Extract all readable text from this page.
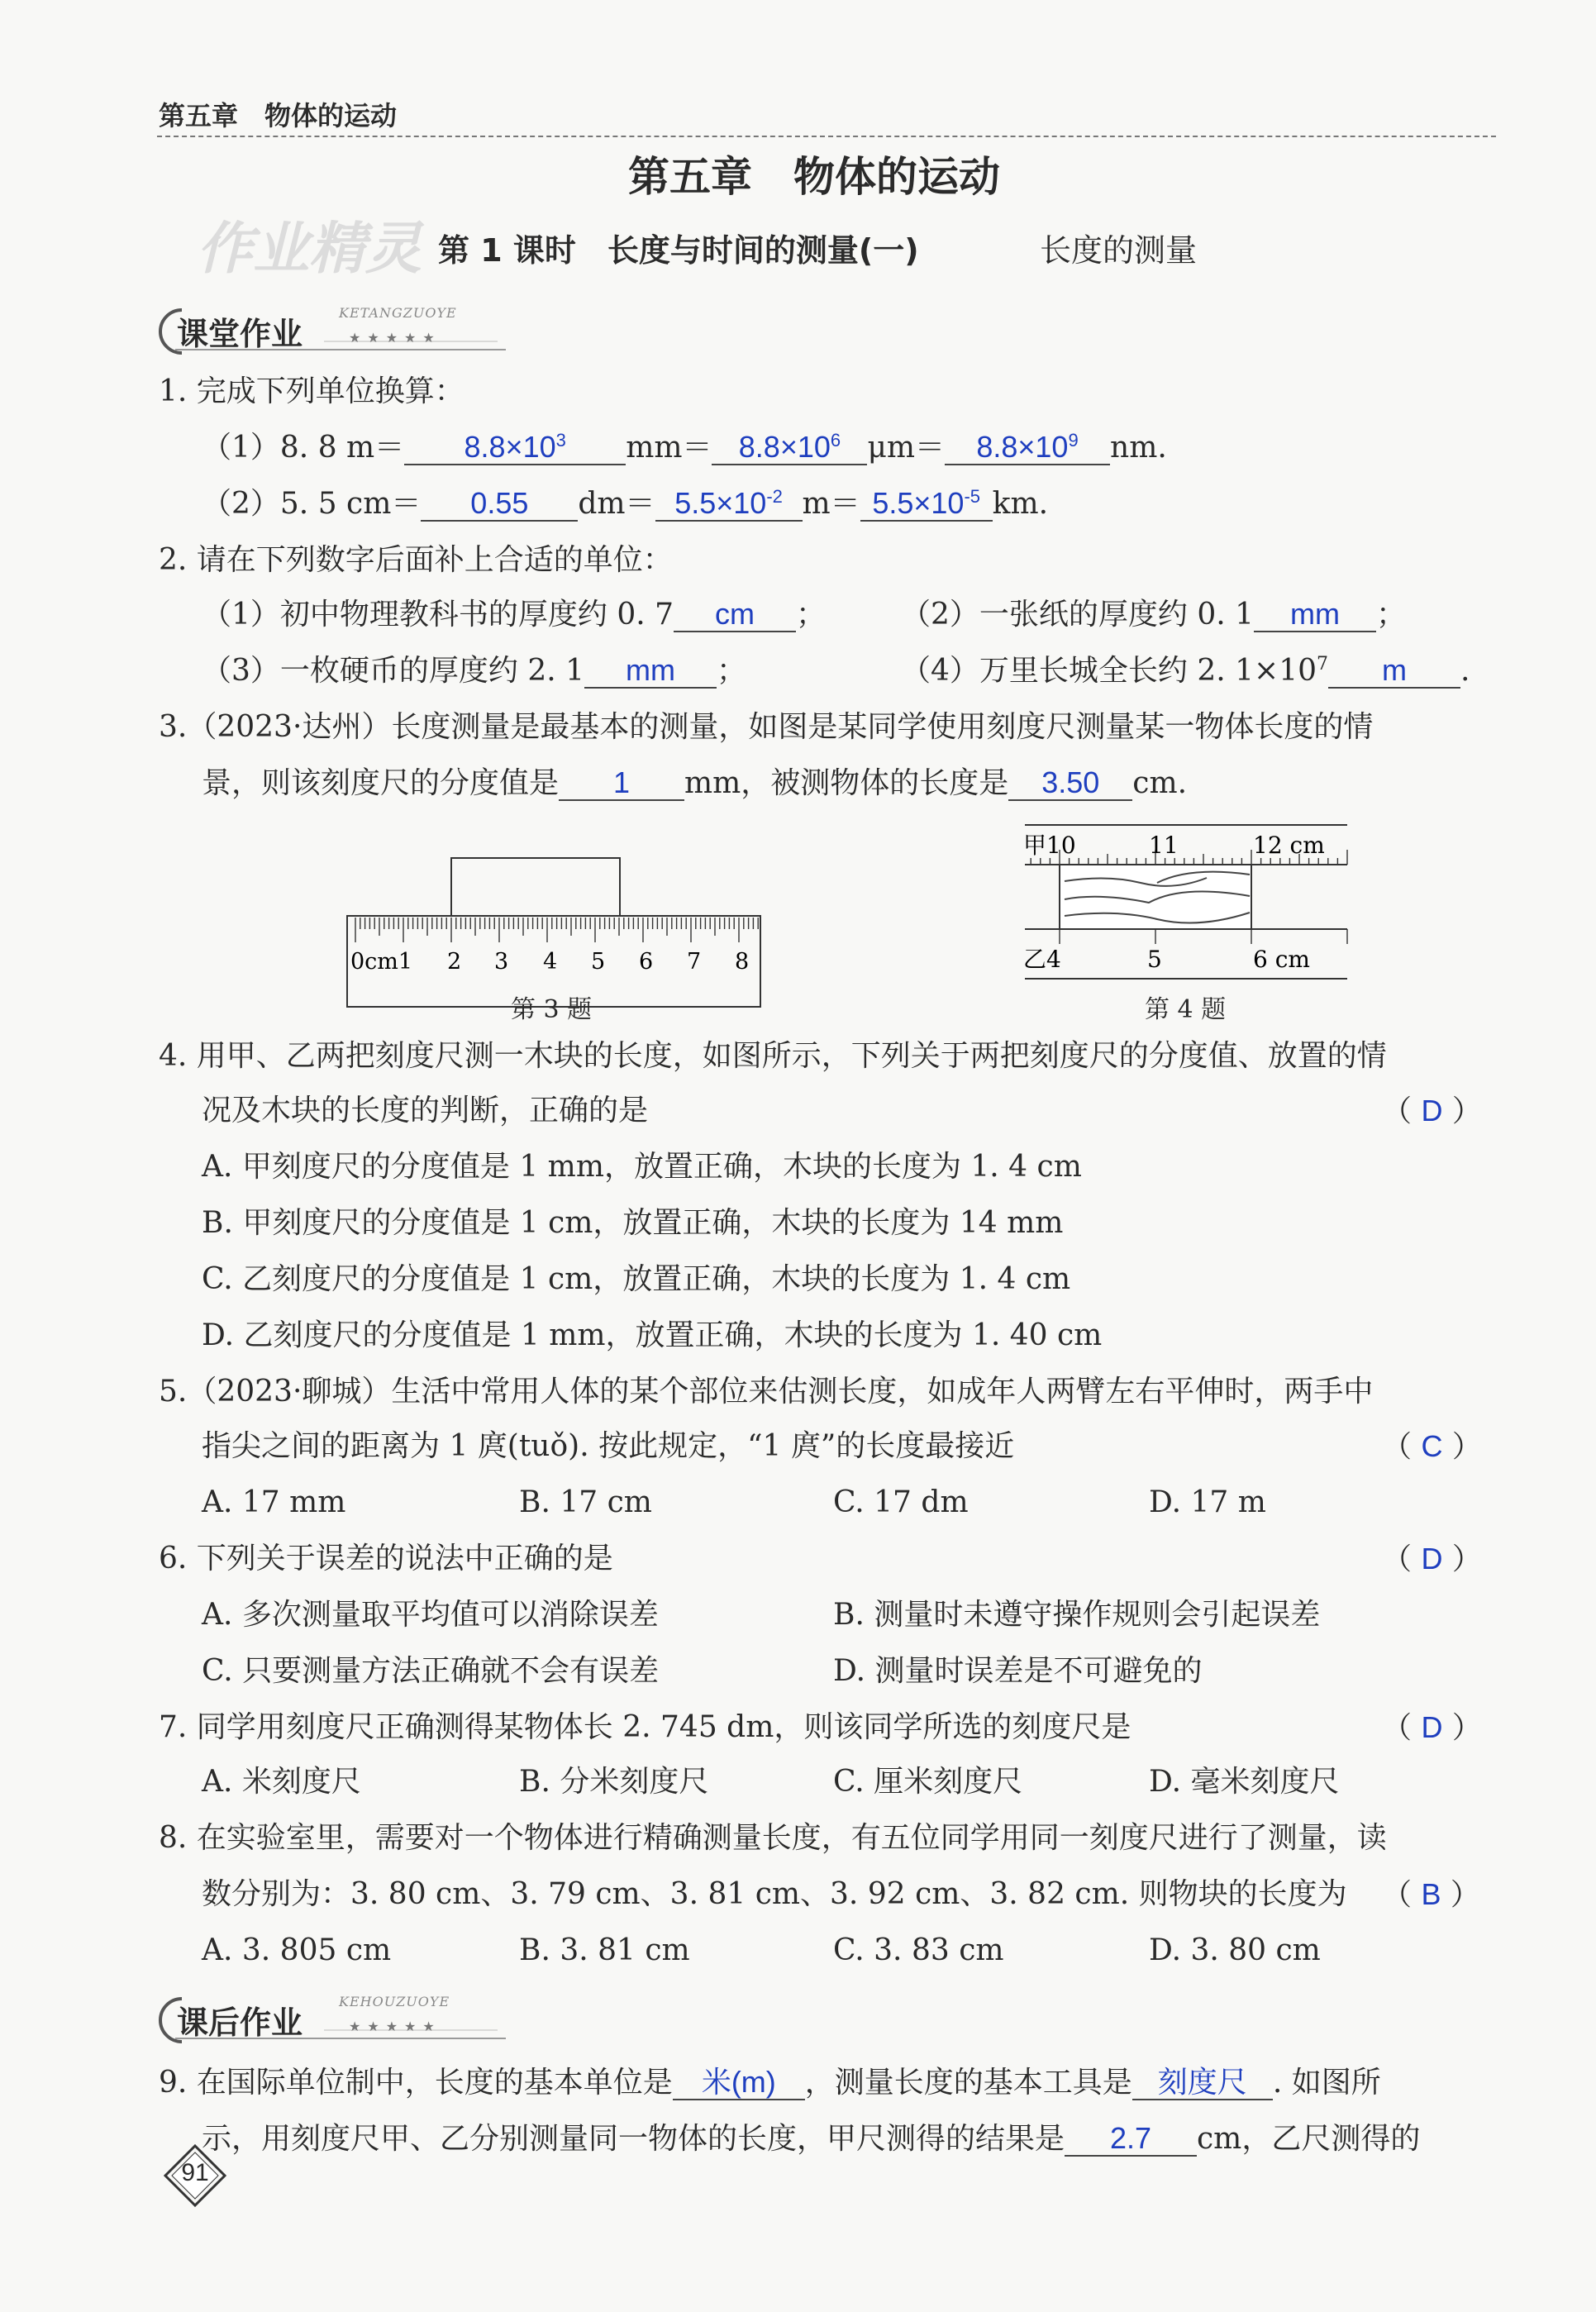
第五章　物体的运动
第五章　物体的运动
作业精灵 第 1 课时　长度与时间的测量(一)	长度的测量
课堂作业
KETANGZUOYE
★★★★★
1. 完成下列单位换算：
（1）8. 8 $m= 8.8\times 10^3$ $mm= 8.8\times 10^6$ $\mu m= 8.8\times 10^9$ nm.
（2）5. 5 cm＝ 0.55 $dm= 5.5\times 10^{-2}$ $m= 5.5\times 10^{-5}$ km.
2. 请在下列数字后面补上合适的单位：
（1）初中物理教科书的厚度约 0. 7 cm ；	（2）一张纸的厚度约 0. 1 mm ；
（3）一枚硬币的厚度约 2. 1 mm ；	（4）万里长城全长约 2. $1\times 10^7$ m .
3.（2023·达州）长度测量是最基本的测量，如图是某同学使用刻度尺测量某一物体长度的情
景，则该刻度尺的分度值是 1 mm，被测物体的长度是 3.50 cm.
0cm1 2 3 4 5 6 7 8
第 3 题
甲10	11	12 cm
乙4	5	6 cm
第 4 题
4. 用甲、乙两把刻度尺测一木块的长度，如图所示，下列关于两把刻度尺的分度值、放置的情
况及木块的长度的判断，正确的是	（ D ）
A. 甲刻度尺的分度值是 1 mm，放置正确，木块的长度为 1. 4 cm
B. 甲刻度尺的分度值是 1 cm，放置正确，木块的长度为 14 mm
C. 乙刻度尺的分度值是 1 cm，放置正确，木块的长度为 1. 4 cm
D. 乙刻度尺的分度值是 1 mm，放置正确，木块的长度为 1. 40 cm
5.（2023·聊城）生活中常用人体的某个部位来估测长度，如成年人两臂左右平伸时，两手中
指尖之间的距离为 1 庹(tuǒ). 按此规定，“1 庹”的长度最接近	（ C ）
A. 17 mm	B. 17 cm	C. 17 dm	D. 17 m
6. 下列关于误差的说法中正确的是	（ D ）
A. 多次测量取平均值可以消除误差	B. 测量时未遵守操作规则会引起误差
C. 只要测量方法正确就不会有误差	D. 测量时误差是不可避免的
7. 同学用刻度尺正确测得某物体长 2. 745 dm，则该同学所选的刻度尺是	（ D ）
A. 米刻度尺	B. 分米刻度尺	C. 厘米刻度尺	D. 毫米刻度尺
8. 在实验室里，需要对一个物体进行精确测量长度，有五位同学用同一刻度尺进行了测量，读
数分别为：3. 80 cm、3. 79 cm、3. 81 cm、3. 92 cm、3. 82 cm. 则物块的长度为 （ B ）
A. 3. 805 cm	B. 3. 81 cm	C. 3. 83 cm	D. 3. 80 cm
课后作业
KEHOUZUOYE
★★★★★
9. 在国际单位制中，长度的基本单位是 米(m) ，测量长度的基本工具是 刻度尺 . 如图所
示，用刻度尺甲、乙分别测量同一物体的长度，甲尺测得的结果是 2.7 cm，乙尺测得的
91
